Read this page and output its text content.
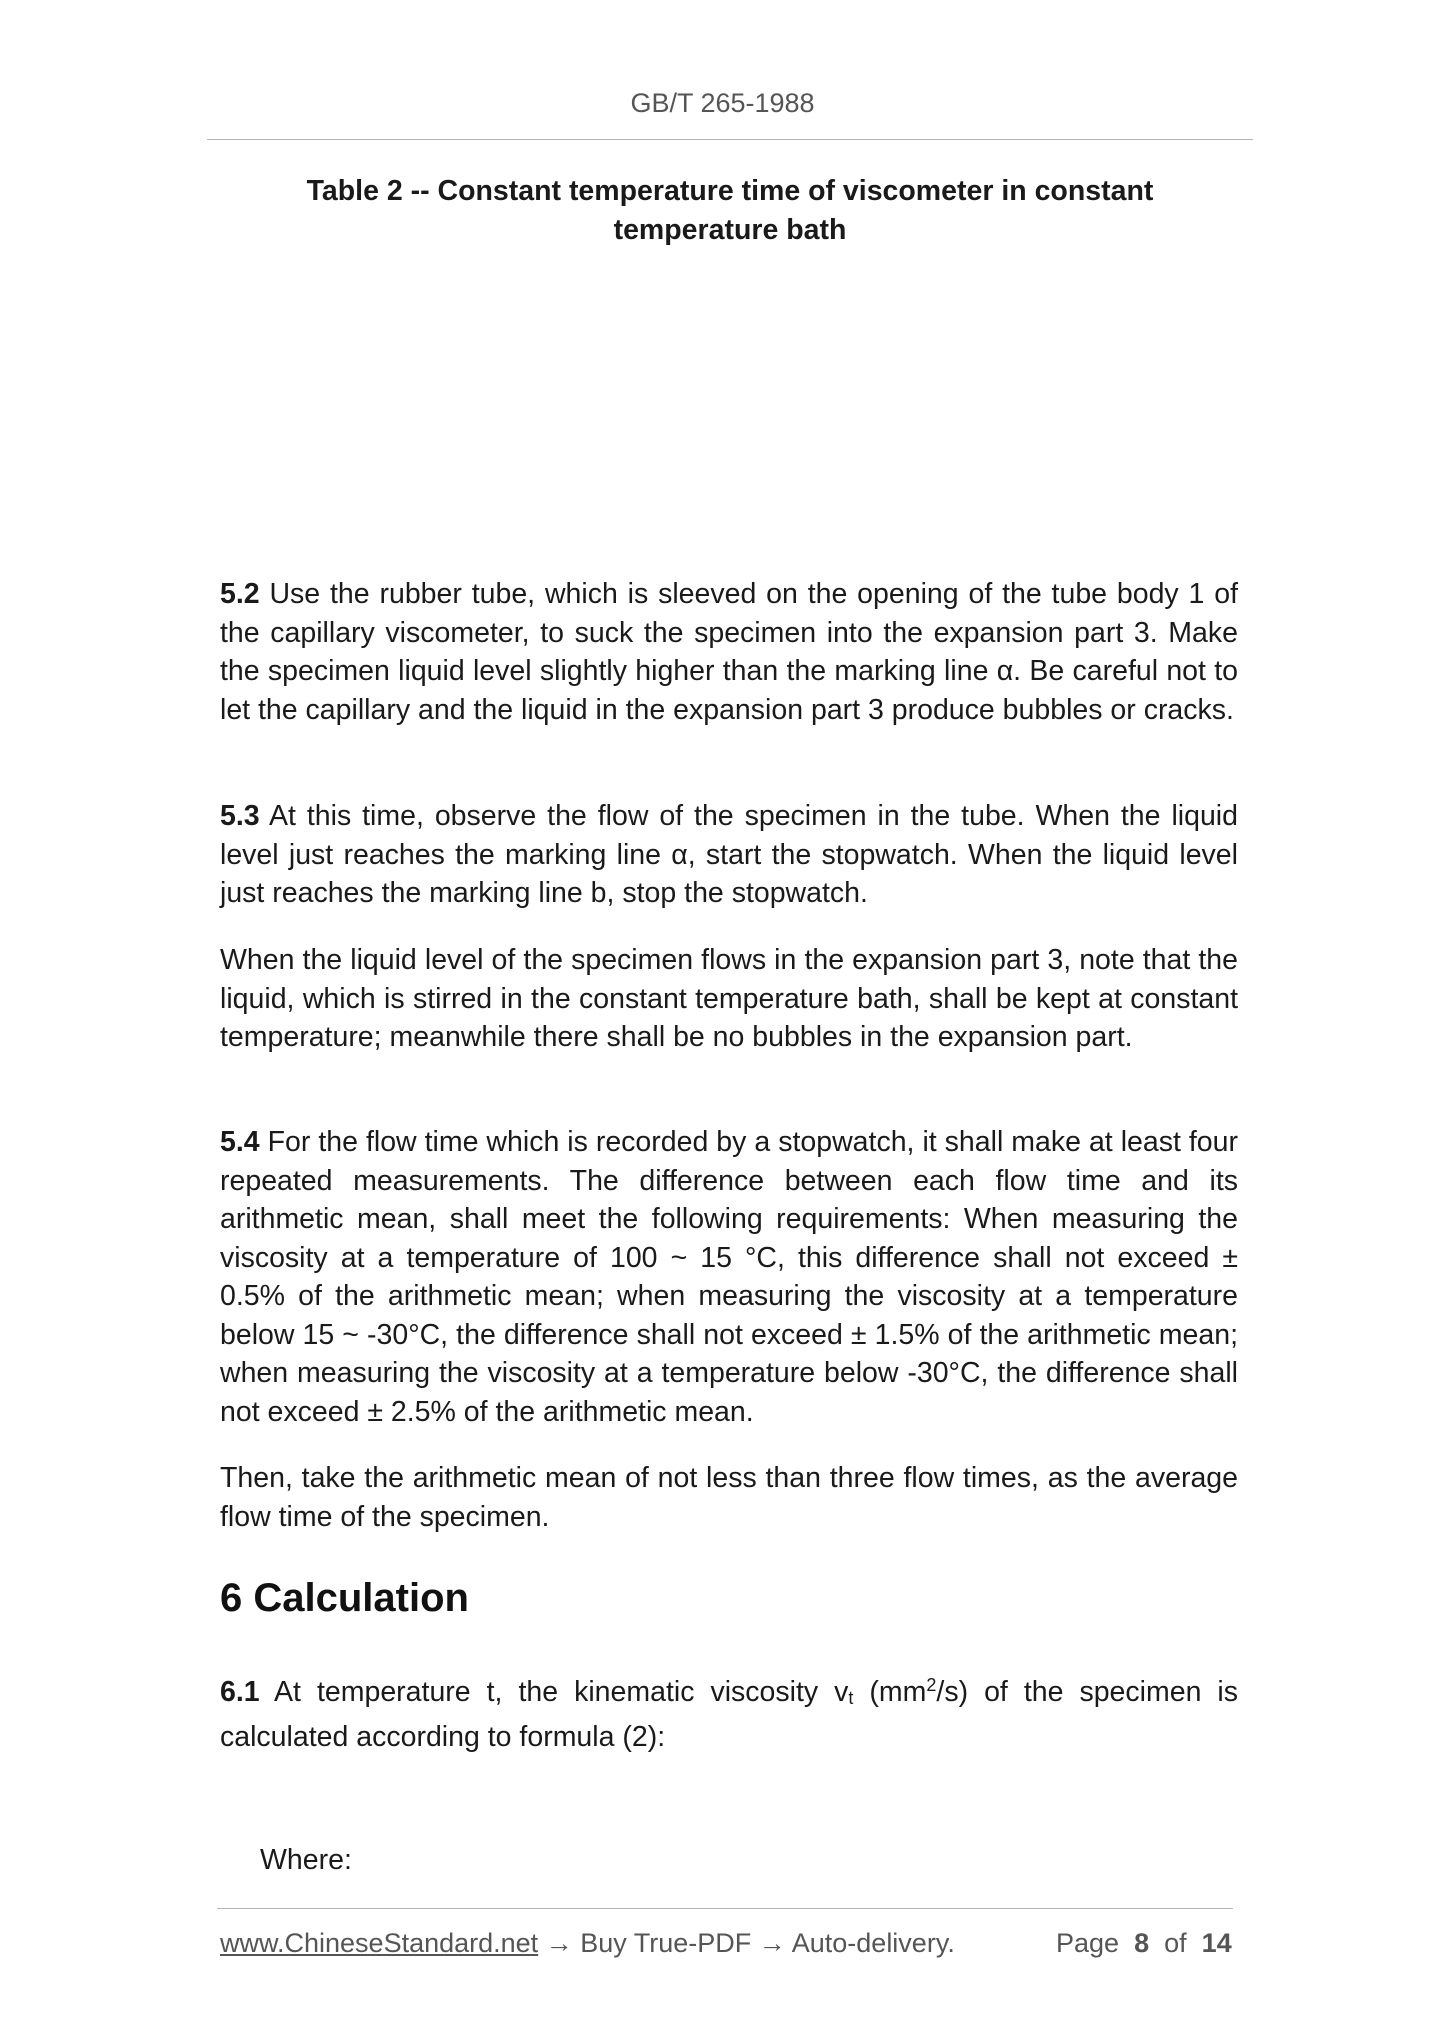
GB/T 265-1988
Table 2 -- Constant temperature time of viscometer in constant
temperature bath
5.2 Use the rubber tube, which is sleeved on the opening of the tube body 1 of the capillary viscometer, to suck the specimen into the expansion part 3. Make the specimen liquid level slightly higher than the marking line α. Be careful not to let the capillary and the liquid in the expansion part 3 produce bubbles or cracks.
5.3 At this time, observe the flow of the specimen in the tube. When the liquid level just reaches the marking line α, start the stopwatch. When the liquid level just reaches the marking line b, stop the stopwatch.
When the liquid level of the specimen flows in the expansion part 3, note that the liquid, which is stirred in the constant temperature bath, shall be kept at constant temperature; meanwhile there shall be no bubbles in the expansion part.
5.4 For the flow time which is recorded by a stopwatch, it shall make at least four repeated measurements. The difference between each flow time and its arithmetic mean, shall meet the following requirements: When measuring the viscosity at a temperature of 100 ~ 15 °C, this difference shall not exceed ± 0.5% of the arithmetic mean; when measuring the viscosity at a temperature below 15 ~ -30°C, the difference shall not exceed ± 1.5% of the arithmetic mean; when measuring the viscosity at a temperature below -30°C, the difference shall not exceed ± 2.5% of the arithmetic mean.
Then, take the arithmetic mean of not less than three flow times, as the average flow time of the specimen.
6 Calculation
6.1 At temperature t, the kinematic viscosity vt $(mm^2/s)$ of the specimen is calculated according to formula (2):
Where:
www.ChineseStandard.net → Buy True-PDF → Auto-delivery.	Page 8 of 14
